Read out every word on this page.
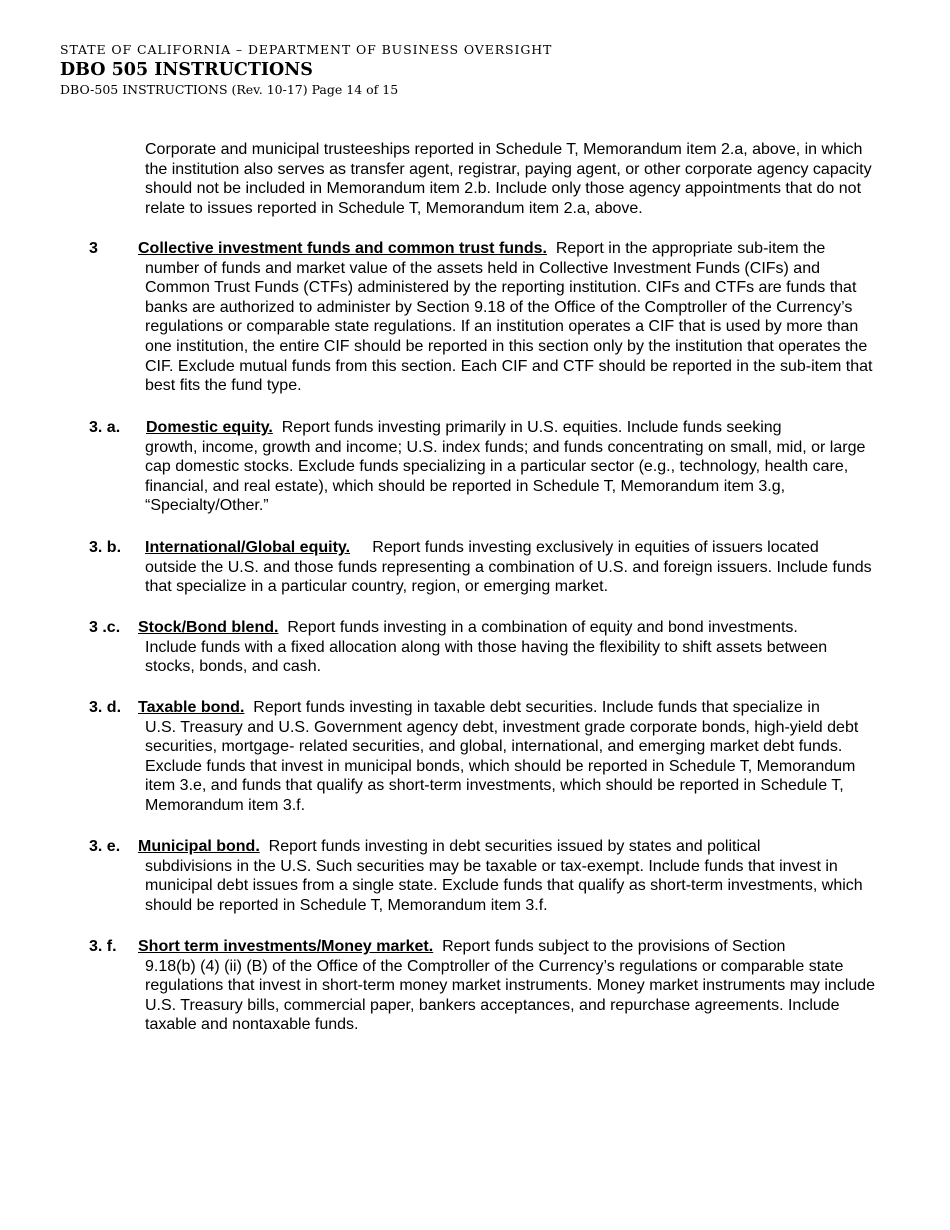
STATE OF CALIFORNIA – DEPARTMENT OF BUSINESS OVERSIGHT
DBO 505 INSTRUCTIONS
DBO-505 INSTRUCTIONS (Rev. 10-17) Page 14 of 15

Corporate and municipal trusteeships reported in Schedule T, Memorandum item 2.a, above, in which the institution also serves as transfer agent, registrar, paying agent, or other corporate agency capacity should not be included in Memorandum item 2.b. Include only those agency appointments that do not relate to issues reported in Schedule T, Memorandum item 2.a, above.

3	Collective investment funds and common trust funds. Report in the appropriate sub-item the

number of funds and market value of the assets held in Collective Investment Funds (CIFs) and Common Trust Funds (CTFs) administered by the reporting institution. CIFs and CTFs are funds that banks are authorized to administer by Section 9.18 of the Office of the Comptroller of the Currency’s regulations or comparable state regulations. If an institution operates a CIF that is used by more than one institution, the entire CIF should be reported in this section only by the institution that operates the CIF. Exclude mutual funds from this section. Each CIF and CTF should be reported in the sub-item that best fits the fund type.

3. a. Domestic equity. Report funds investing primarily in U.S. equities. Include funds seeking

growth, income, growth and income; U.S. index funds; and funds concentrating on small, mid, or large cap domestic stocks. Exclude funds specializing in a particular sector (e.g., technology, health care, financial, and real estate), which should be reported in Schedule T, Memorandum item 3.g, “Specialty/Other.”

3. b. International/Global equity. Report funds investing exclusively in equities of issuers located

outside the U.S. and those funds representing a combination of U.S. and foreign issuers. Include funds that specialize in a particular country, region, or emerging market.

3 .c. Stock/Bond blend. Report funds investing in a combination of equity and bond investments.

Include funds with a fixed allocation along with those having the flexibility to shift assets between stocks, bonds, and cash.

3. d. Taxable bond. Report funds investing in taxable debt securities. Include funds that specialize in

U.S. Treasury and U.S. Government agency debt, investment grade corporate bonds, high-yield debt securities, mortgage- related securities, and global, international, and emerging market debt funds. Exclude funds that invest in municipal bonds, which should be reported in Schedule T, Memorandum item 3.e, and funds that qualify as short-term investments, which should be reported in Schedule T, Memorandum item 3.f.

3. e. Municipal bond. Report funds investing in debt securities issued by states and political

subdivisions in the U.S. Such securities may be taxable or tax-exempt. Include funds that invest in municipal debt issues from a single state. Exclude funds that qualify as short-term investments, which should be reported in Schedule T, Memorandum item 3.f.

3. f. Short term investments/Money market. Report funds subject to the provisions of Section

9.18(b) (4) (ii) (B) of the Office of the Comptroller of the Currency’s regulations or comparable state regulations that invest in short-term money market instruments. Money market instruments may include U.S. Treasury bills, commercial paper, bankers acceptances, and repurchase agreements. Include taxable and nontaxable funds.
